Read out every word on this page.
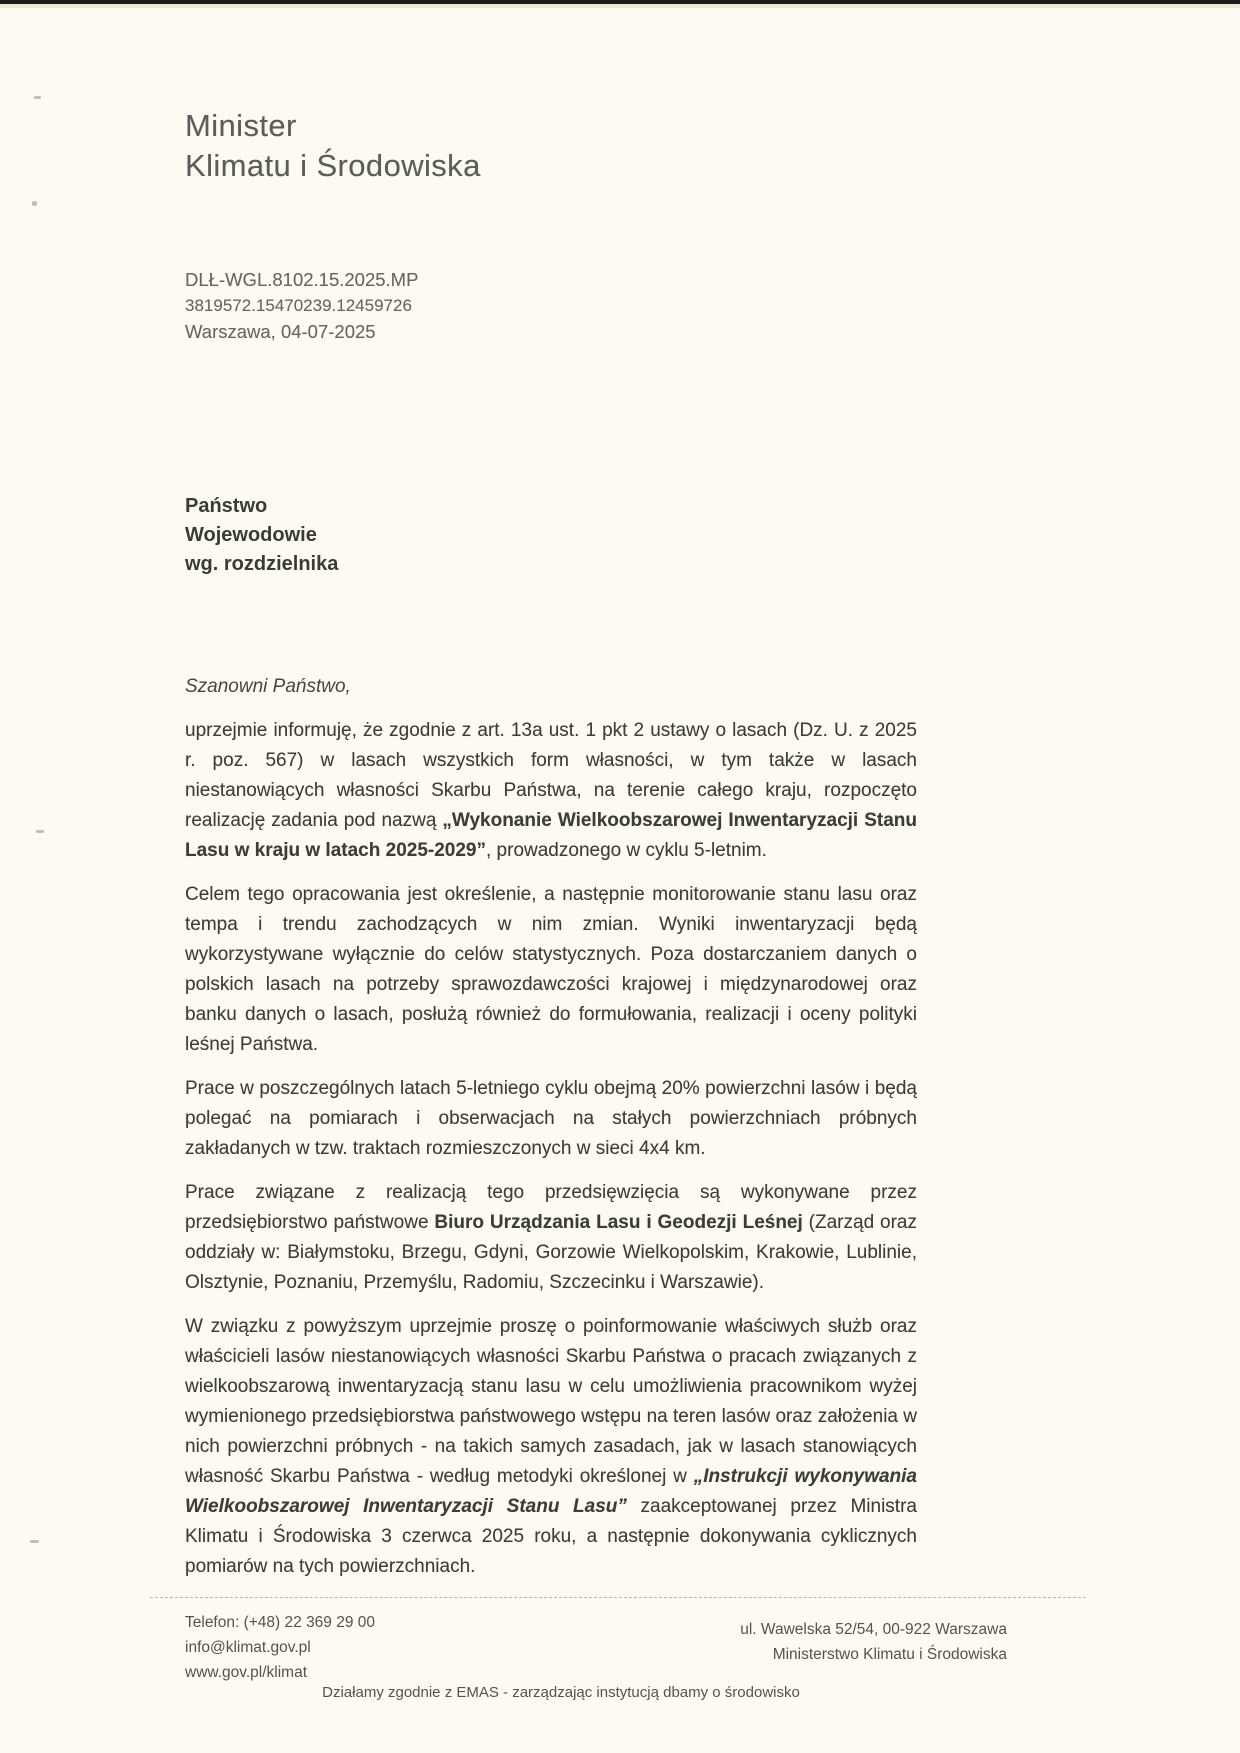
Minister
Klimatu i Środowiska
DLŁ-WGL.8102.15.2025.MP
3819572.15470239.12459726
Warszawa, 04-07-2025
Państwo
Wojewodowie
wg. rozdzielnika
Szanowni Państwo,

uprzejmie informuję, że zgodnie z art. 13a ust. 1 pkt 2 ustawy o lasach (Dz. U. z 2025 r. poz. 567) w lasach wszystkich form własności, w tym także w lasach niestanowiących własności Skarbu Państwa, na terenie całego kraju, rozpoczęto realizację zadania pod nazwą „Wykonanie Wielkoobszarowej Inwentaryzacji Stanu Lasu w kraju w latach 2025-2029”, prowadzonego w cyklu 5-letnim.

Celem tego opracowania jest określenie, a następnie monitorowanie stanu lasu oraz tempa i trendu zachodzących w nim zmian. Wyniki inwentaryzacji będą wykorzystywane wyłącznie do celów statystycznych. Poza dostarczaniem danych o polskich lasach na potrzeby sprawozdawczości krajowej i międzynarodowej oraz banku danych o lasach, posłużą również do formułowania, realizacji i oceny polityki leśnej Państwa.

Prace w poszczególnych latach 5-letniego cyklu obejmą 20% powierzchni lasów i będą polegać na pomiarach i obserwacjach na stałych powierzchniach próbnych zakładanych w tzw. traktach rozmieszczonych w sieci 4x4 km.

Prace związane z realizacją tego przedsięwzięcia są wykonywane przez przedsiębiorstwo państwowe Biuro Urządzania Lasu i Geodezji Leśnej (Zarząd oraz oddziały w: Białymstoku, Brzegu, Gdyni, Gorzowie Wielkopolskim, Krakowie, Lublinie, Olsztynie, Poznaniu, Przemyślu, Radomiu, Szczecinku i Warszawie).

W związku z powyższym uprzejmie proszę o poinformowanie właściwych służb oraz właścicieli lasów niestanowiących własności Skarbu Państwa o pracach związanych z wielkoobszarową inwentaryzacją stanu lasu w celu umożliwienia pracownikom wyżej wymienionego przedsiębiorstwa państwowego wstępu na teren lasów oraz założenia w nich powierzchni próbnych - na takich samych zasadach, jak w lasach stanowiących własność Skarbu Państwa - według metodyki określonej w „Instrukcji wykonywania Wielkoobszarowej Inwentaryzacji Stanu Lasu” zaakceptowanej przez Ministra Klimatu i Środowiska 3 czerwca 2025 roku, a następnie dokonywania cyklicznych pomiarów na tych powierzchniach.

Telefon: (+48) 22 369 29 00
info@klimat.gov.pl
www.gov.pl/klimat
ul. Wawelska 52/54, 00-922 Warszawa
Ministerstwo Klimatu i Środowiska
Działamy zgodnie z EMAS - zarządzając instytucją dbamy o środowisko
